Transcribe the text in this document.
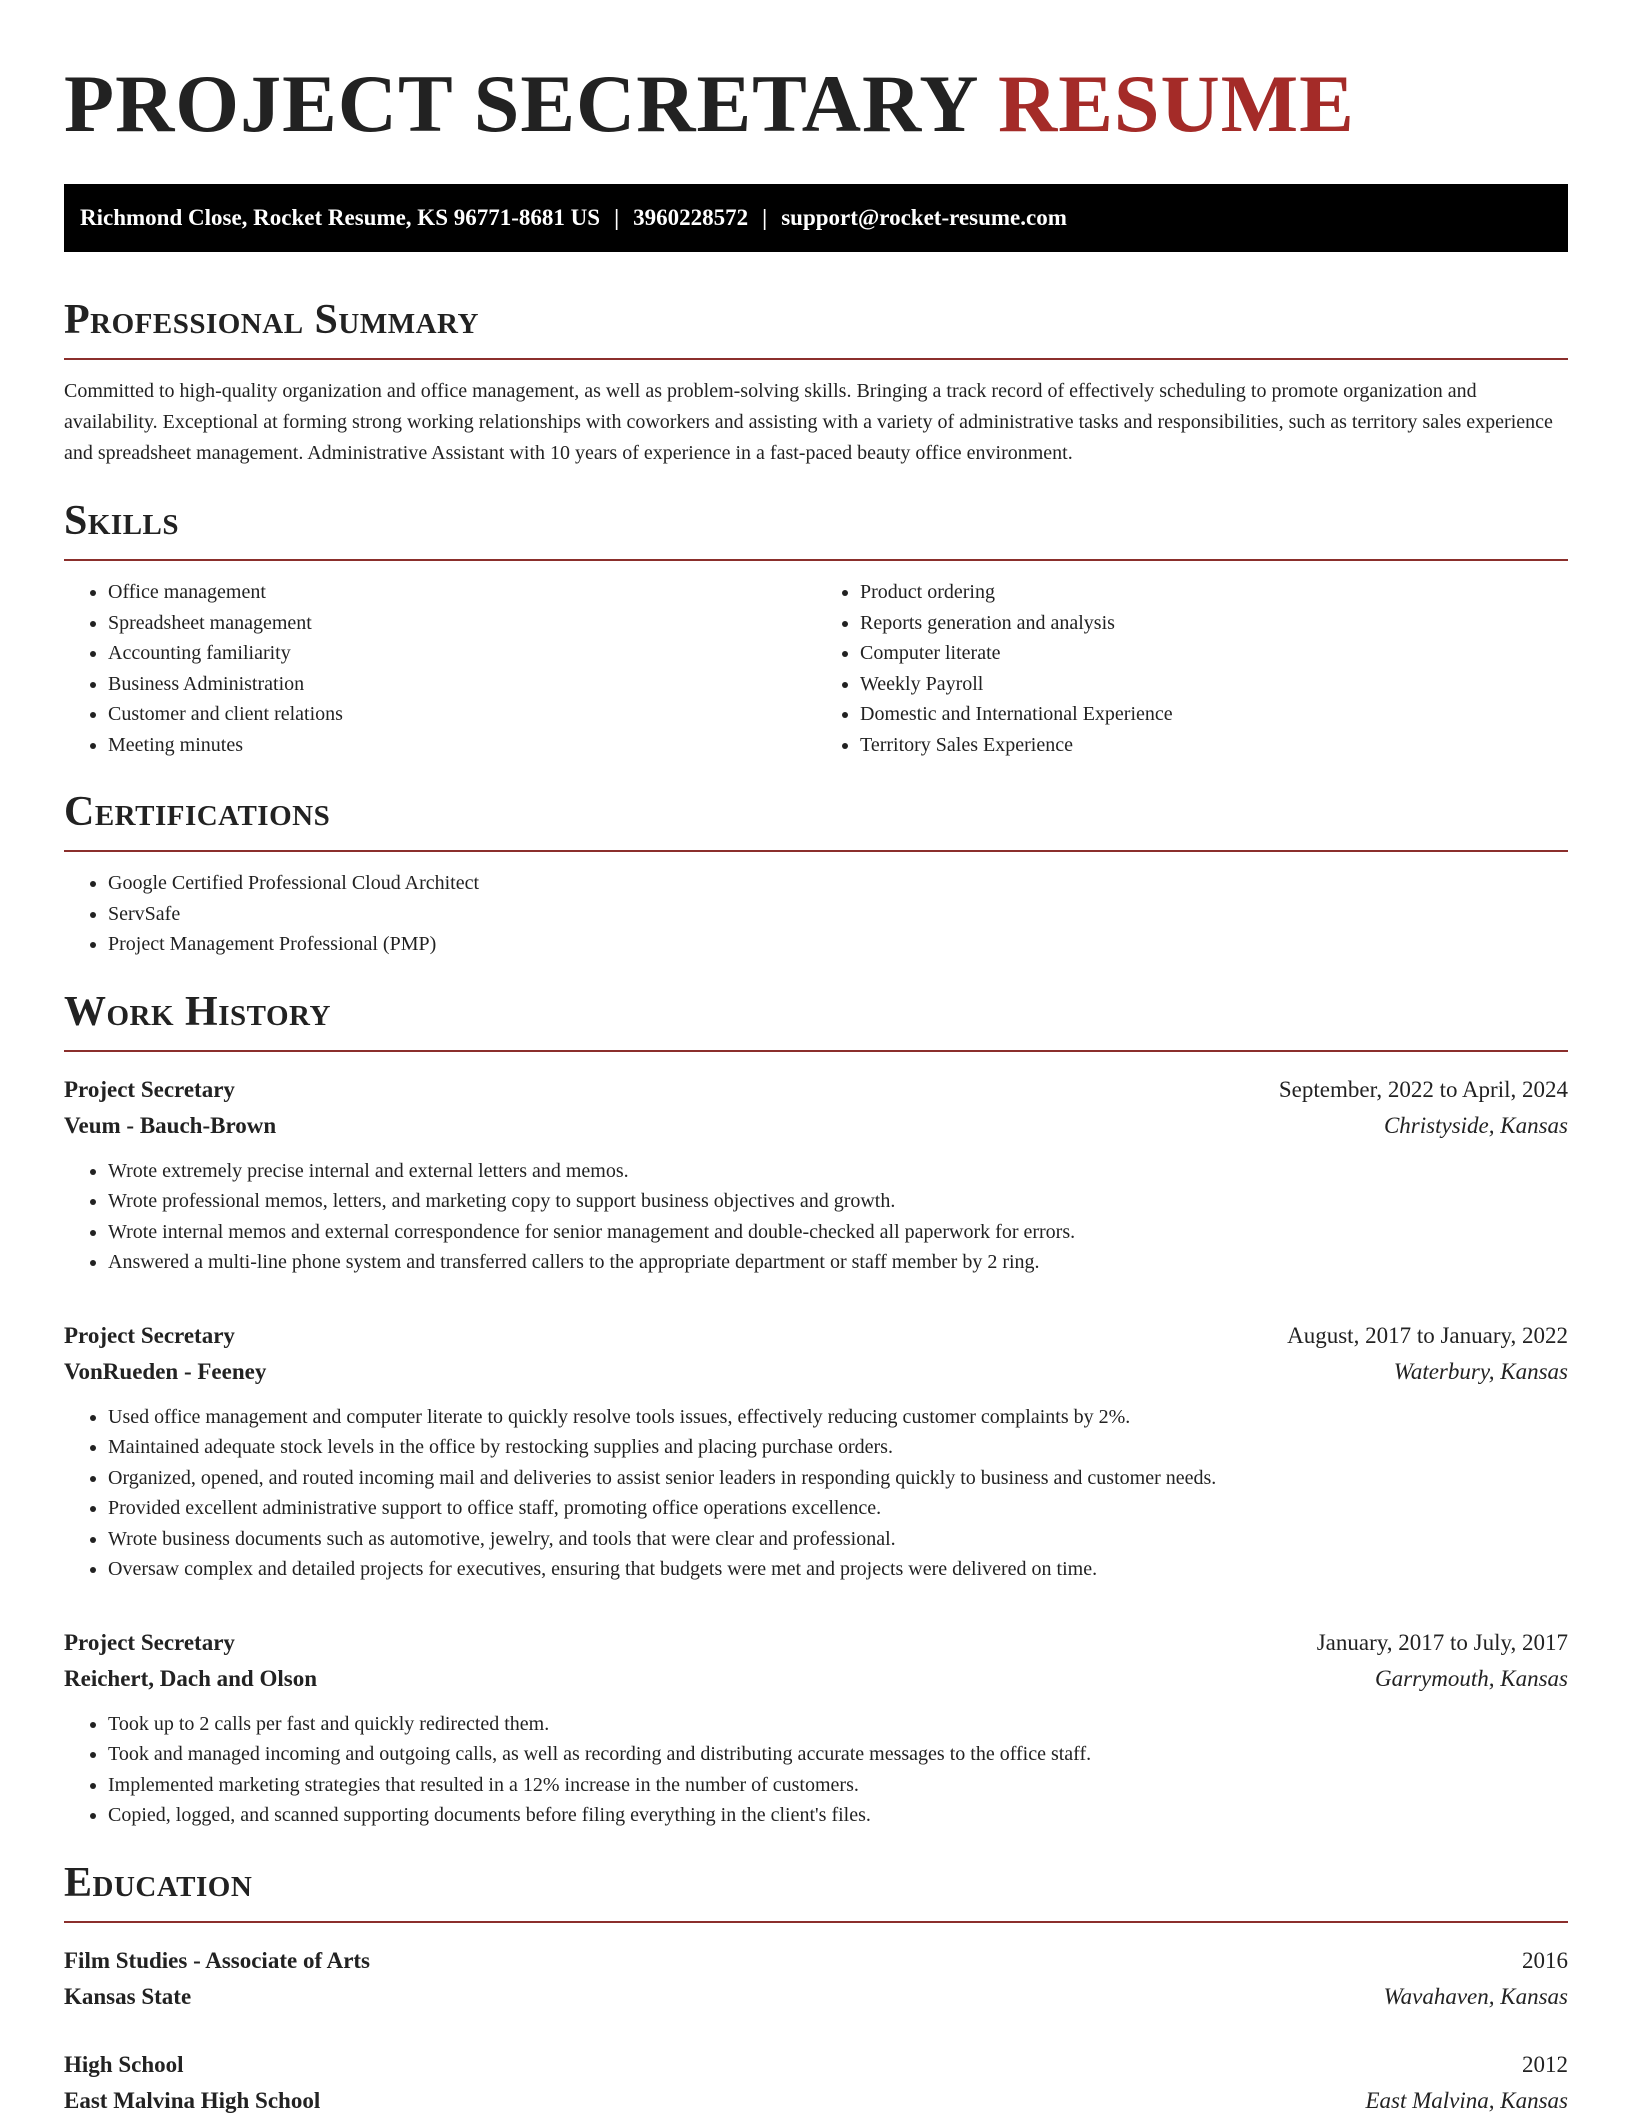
PROJECT SECRETARY RESUME
Richmond Close, Rocket Resume, KS 96771-8681 US | 3960228572 | support@rocket-resume.com
Professional Summary

Committed to high-quality organization and office management, as well as problem-solving skills. Bringing a track record of effectively scheduling to promote organization and availability. Exceptional at forming strong working relationships with coworkers and assisting with a variety of administrative tasks and responsibilities, such as territory sales experience and spreadsheet management. Administrative Assistant with 10 years of experience in a fast-paced beauty office environment.

Skills
• Office management
• Spreadsheet management
• Accounting familiarity
• Business Administration
• Customer and client relations
• Meeting minutes
• Product ordering
• Reports generation and analysis
• Computer literate
• Weekly Payroll
• Domestic and International Experience
• Territory Sales Experience
Certifications
• Google Certified Professional Cloud Architect
• ServSafe
• Project Management Professional (PMP)
Work History
Project Secretary	September, 2022 to April, 2024
Veum - Bauch-Brown	Christyside, Kansas
• Wrote extremely precise internal and external letters and memos.
• Wrote professional memos, letters, and marketing copy to support business objectives and growth.
• Wrote internal memos and external correspondence for senior management and double-checked all paperwork for errors.
• Answered a multi-line phone system and transferred callers to the appropriate department or staff member by 2 ring.
Project Secretary	August, 2017 to January, 2022
VonRueden - Feeney	Waterbury, Kansas
• Used office management and computer literate to quickly resolve tools issues, effectively reducing customer complaints by 2%.
• Maintained adequate stock levels in the office by restocking supplies and placing purchase orders.
• Organized, opened, and routed incoming mail and deliveries to assist senior leaders in responding quickly to business and customer needs.
• Provided excellent administrative support to office staff, promoting office operations excellence.
• Wrote business documents such as automotive, jewelry, and tools that were clear and professional.
• Oversaw complex and detailed projects for executives, ensuring that budgets were met and projects were delivered on time.
Project Secretary	January, 2017 to July, 2017
Reichert, Dach and Olson	Garrymouth, Kansas
• Took up to 2 calls per fast and quickly redirected them.
• Took and managed incoming and outgoing calls, as well as recording and distributing accurate messages to the office staff.
• Implemented marketing strategies that resulted in a 12% increase in the number of customers.
• Copied, logged, and scanned supporting documents before filing everything in the client's files.
Education
Film Studies - Associate of Arts	2016
Kansas State	Wavahaven, Kansas
High School	2012
East Malvina High School	East Malvina, Kansas
